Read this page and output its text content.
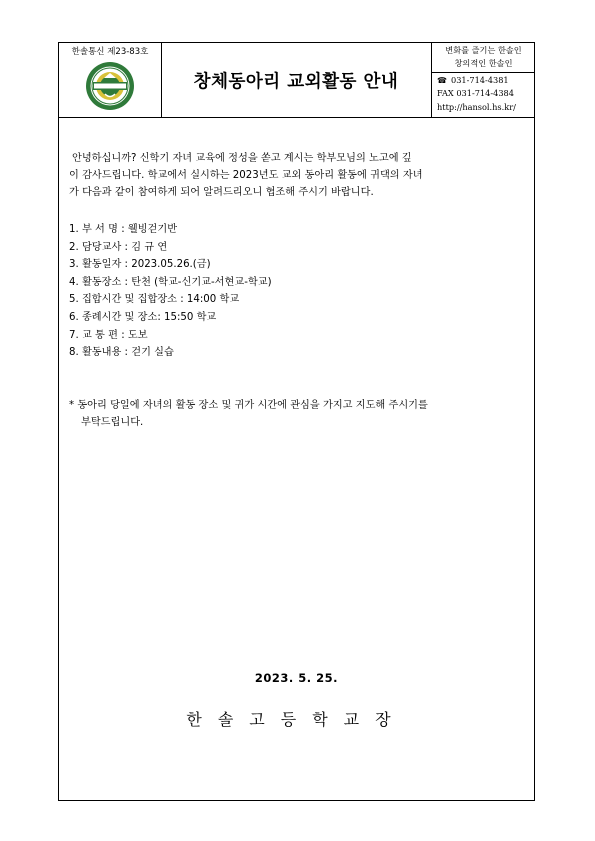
한솔통신 제23-83호
창체동아리 교외활동 안내
변화를 즐기는 한솔인
창의적인 한솔인
☎ 031-714-4381
FAX 031-714-4384
http://hansol.hs.kr/
안녕하십니까? 신학기 자녀 교육에 정성을 쏟고 계시는 학부모님의 노고에 깊
이 감사드립니다. 학교에서 실시하는 2023년도 교외 동아리 활동에 귀댁의 자녀
가 다음과 같이 참여하게 되어 알려드리오니 협조해 주시기 바랍니다.
1. 부 서 명 : 웰빙걷기반
2. 담당교사 : 김 규 연
3. 활동일자 : 2023.05.26.(금)
4. 활동장소 : 탄천 (학교-신기교-서현교-학교)
5. 집합시간 및 집합장소 : 14:00 학교
6. 종례시간 및 장소: 15:50 학교
7. 교 통 편 : 도보
8. 활동내용 : 걷기 실습
* 동아리 당일에 자녀의 활동 장소 및 귀가 시간에 관심을 가지고 지도해 주시기를
부탁드립니다.
2023. 5. 25.
한솔고등학교장
